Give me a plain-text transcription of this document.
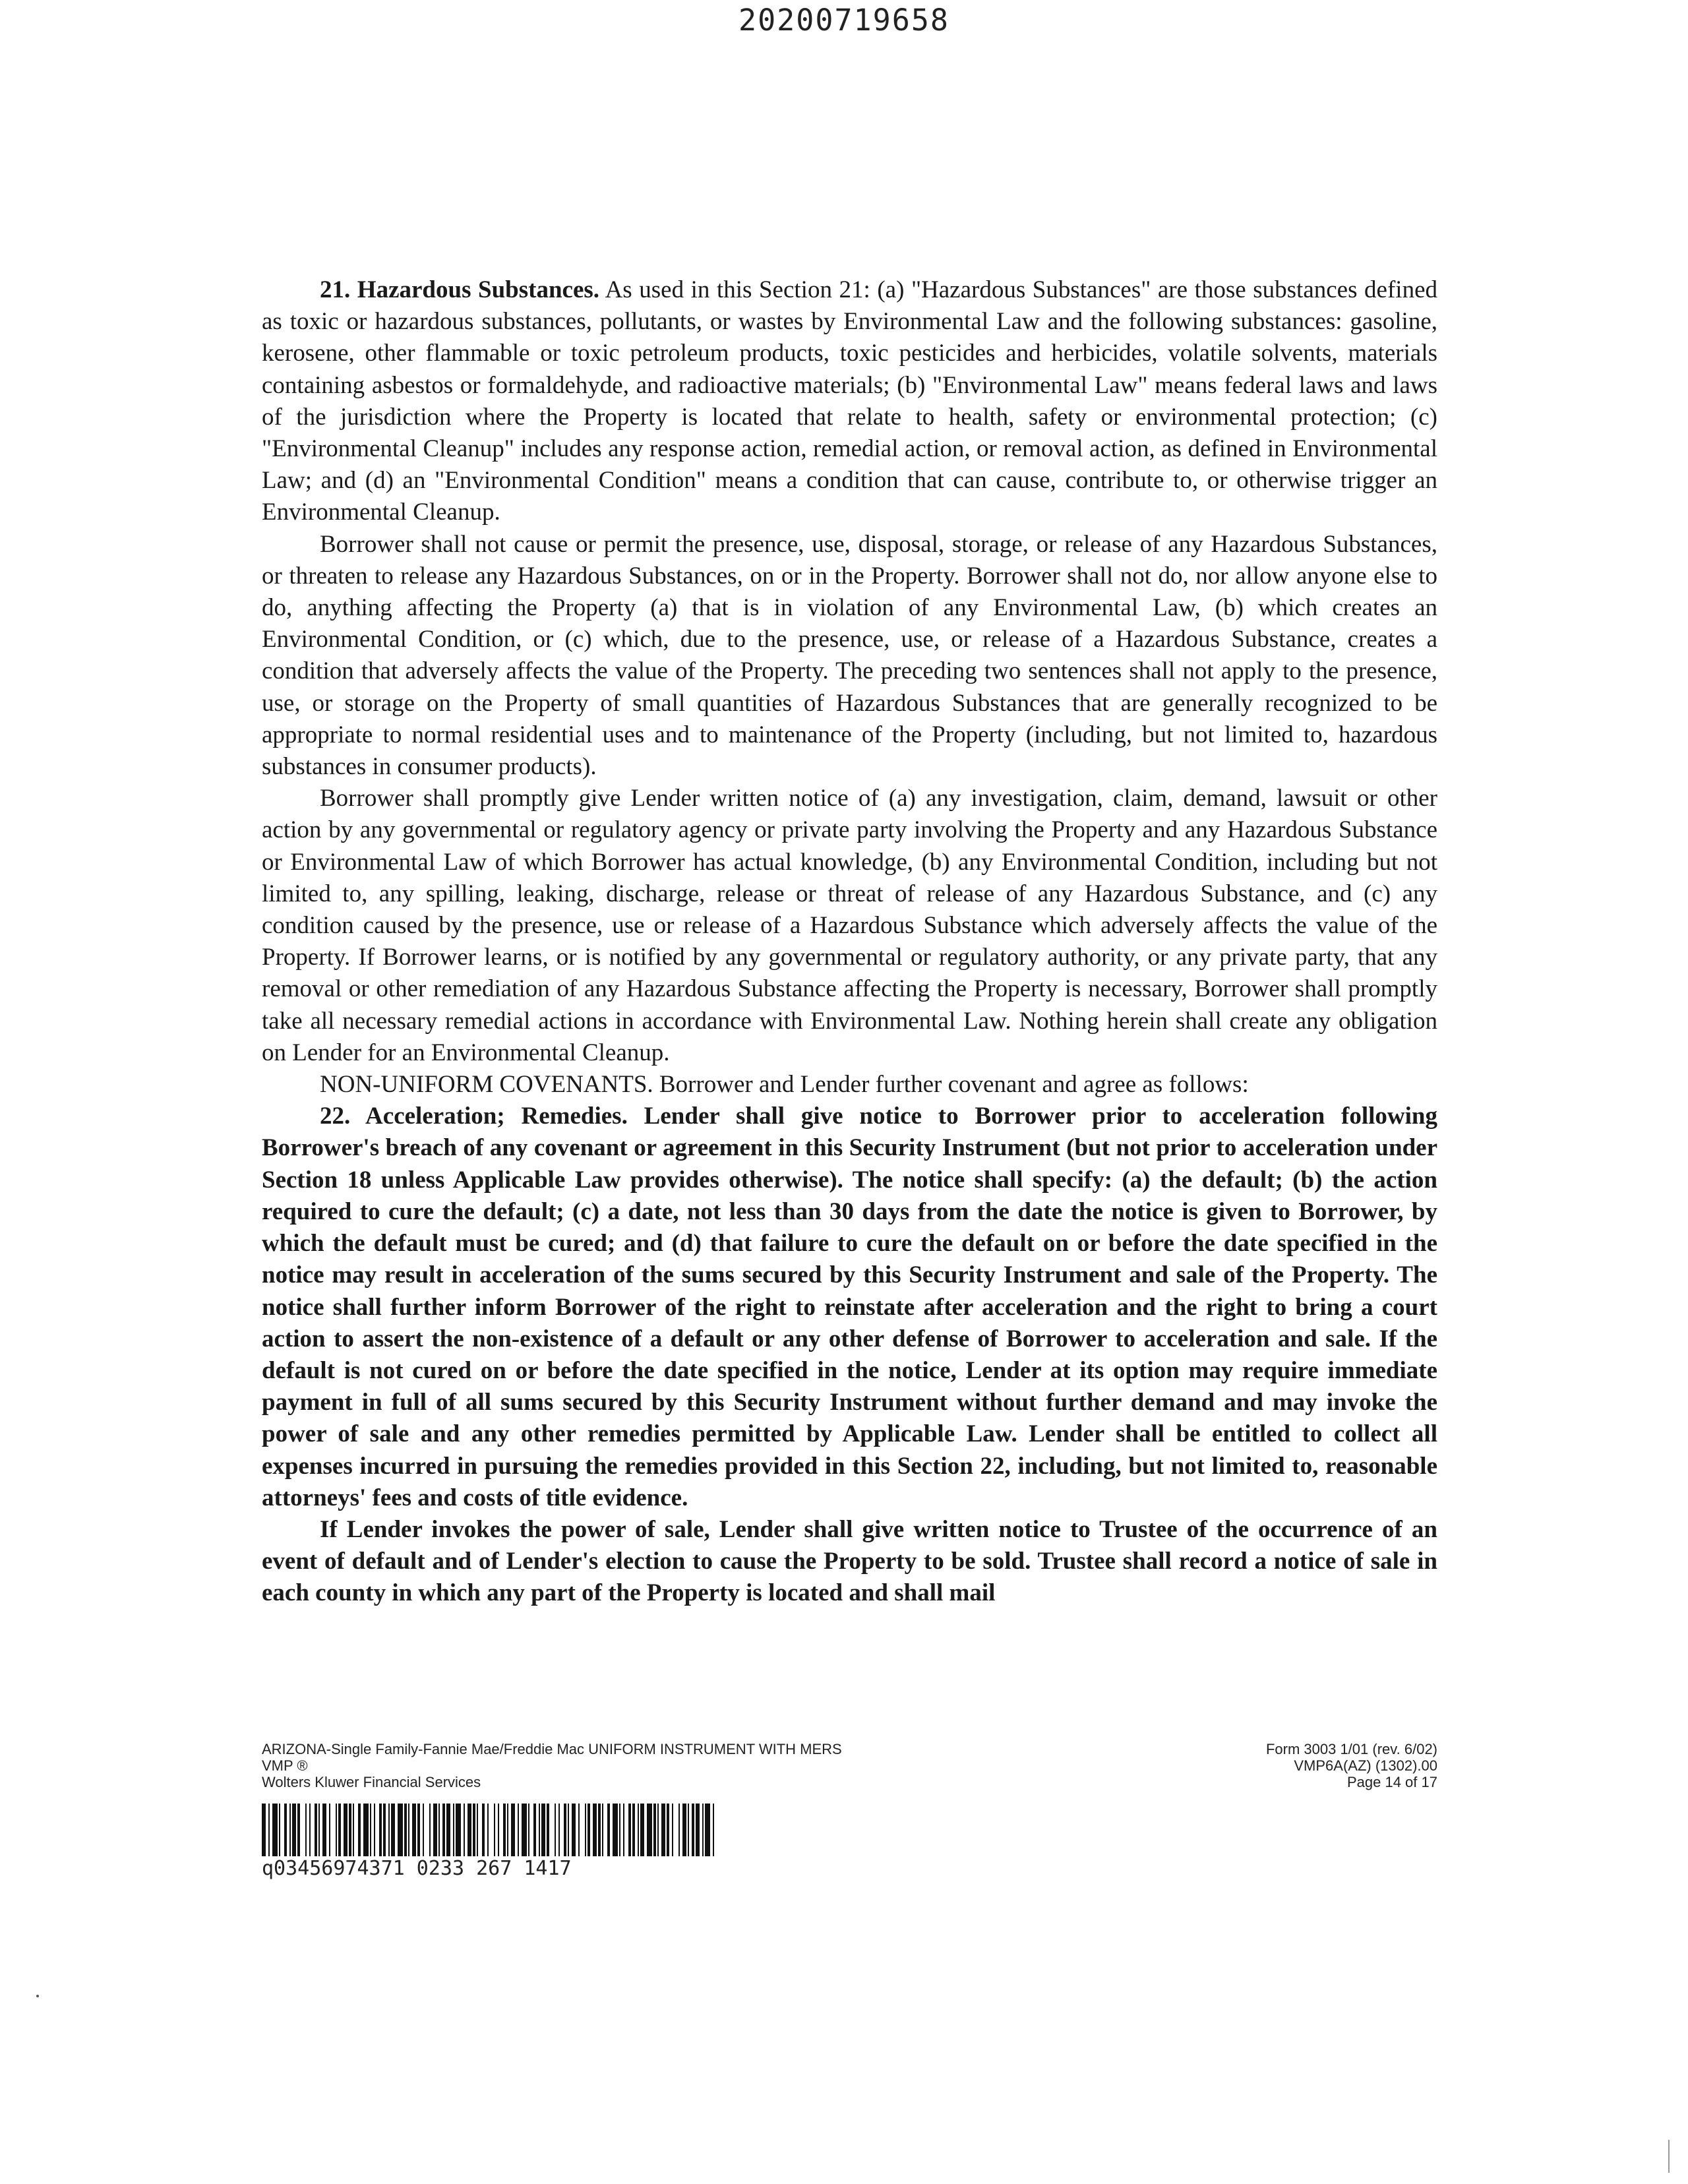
20200719658

21. Hazardous Substances. As used in this Section 21: (a) "Hazardous Substances" are those substances defined as toxic or hazardous substances, pollutants, or wastes by Environmental Law and the following substances: gasoline, kerosene, other flammable or toxic petroleum products, toxic pesticides and herbicides, volatile solvents, materials containing asbestos or formaldehyde, and radioactive materials; (b) "Environmental Law" means federal laws and laws of the jurisdiction where the Property is located that relate to health, safety or environmental protection; (c) "Environmental Cleanup" includes any response action, remedial action, or removal action, as defined in Environmental Law; and (d) an "Environmental Condition" means a condition that can cause, contribute to, or otherwise trigger an Environmental Cleanup.

Borrower shall not cause or permit the presence, use, disposal, storage, or release of any Hazardous Substances, or threaten to release any Hazardous Substances, on or in the Property. Borrower shall not do, nor allow anyone else to do, anything affecting the Property (a) that is in violation of any Environmental Law, (b) which creates an Environmental Condition, or (c) which, due to the presence, use, or release of a Hazardous Substance, creates a condition that adversely affects the value of the Property. The preceding two sentences shall not apply to the presence, use, or storage on the Property of small quantities of Hazardous Substances that are generally recognized to be appropriate to normal residential uses and to maintenance of the Property (including, but not limited to, hazardous substances in consumer products).

Borrower shall promptly give Lender written notice of (a) any investigation, claim, demand, lawsuit or other action by any governmental or regulatory agency or private party involving the Property and any Hazardous Substance or Environmental Law of which Borrower has actual knowledge, (b) any Environmental Condition, including but not limited to, any spilling, leaking, discharge, release or threat of release of any Hazardous Substance, and (c) any condition caused by the presence, use or release of a Hazardous Substance which adversely affects the value of the Property. If Borrower learns, or is notified by any governmental or regulatory authority, or any private party, that any removal or other remediation of any Hazardous Substance affecting the Property is necessary, Borrower shall promptly take all necessary remedial actions in accordance with Environmental Law. Nothing herein shall create any obligation on Lender for an Environmental Cleanup.

NON-UNIFORM COVENANTS. Borrower and Lender further covenant and agree as follows:

22. Acceleration; Remedies. Lender shall give notice to Borrower prior to acceleration following Borrower's breach of any covenant or agreement in this Security Instrument (but not prior to acceleration under Section 18 unless Applicable Law provides otherwise). The notice shall specify: (a) the default; (b) the action required to cure the default; (c) a date, not less than 30 days from the date the notice is given to Borrower, by which the default must be cured; and (d) that failure to cure the default on or before the date specified in the notice may result in acceleration of the sums secured by this Security Instrument and sale of the Property. The notice shall further inform Borrower of the right to reinstate after acceleration and the right to bring a court action to assert the non-existence of a default or any other defense of Borrower to acceleration and sale. If the default is not cured on or before the date specified in the notice, Lender at its option may require immediate payment in full of all sums secured by this Security Instrument without further demand and may invoke the power of sale and any other remedies permitted by Applicable Law. Lender shall be entitled to collect all expenses incurred in pursuing the remedies provided in this Section 22, including, but not limited to, reasonable attorneys' fees and costs of title evidence.

If Lender invokes the power of sale, Lender shall give written notice to Trustee of the occurrence of an event of default and of Lender's election to cause the Property to be sold. Trustee shall record a notice of sale in each county in which any part of the Property is located and shall mail

ARIZONA-Single Family-Fannie Mae/Freddie Mac UNIFORM INSTRUMENT WITH MERS
VMP ®
Wolters Kluwer Financial Services
Form 3003 1/01 (rev. 6/02)
VMP6A(AZ) (1302).00
Page 14 of 17
q03456974371 0233 267 1417
